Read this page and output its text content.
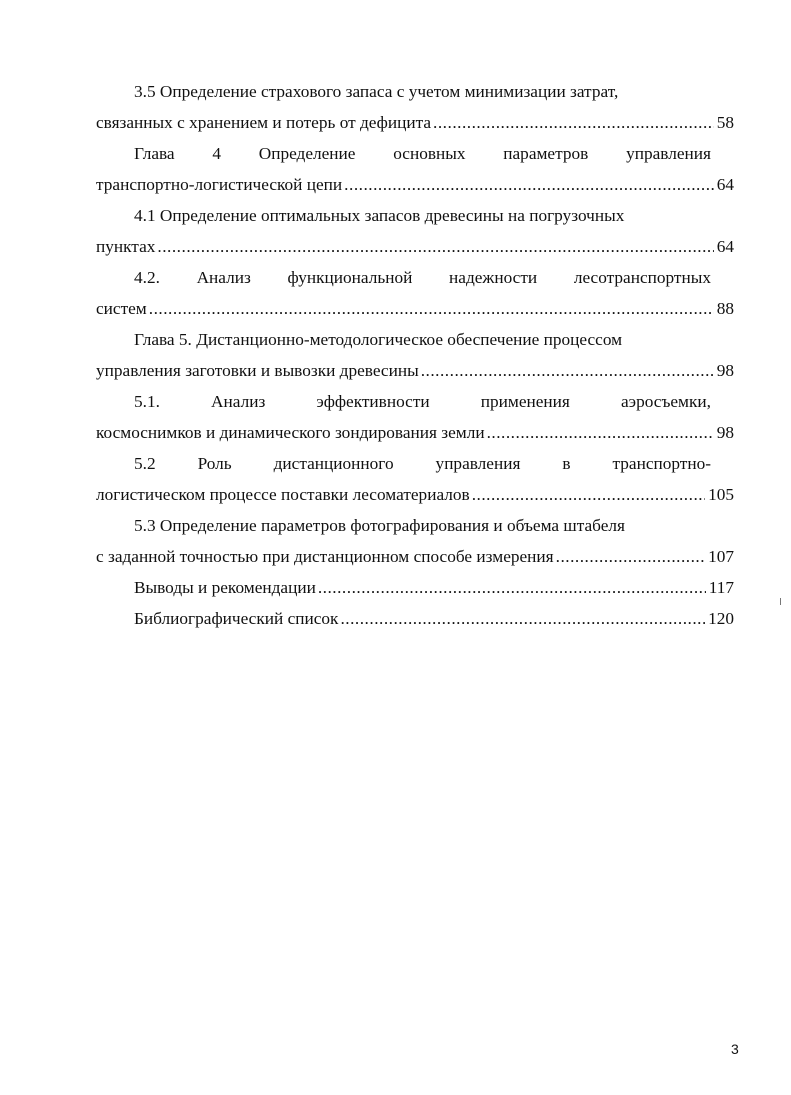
3.5 Определение страхового запаса с учетом минимизации затрат,
связанных с хранением и потерь от дефицита .....	58
Глава 4 Определение основных параметров управления
транспортно-логистической цепи .....	64
4.1 Определение оптимальных запасов древесины на погрузочных
пунктах .....	64
4.2. Анализ функциональной надежности лесотранспортных
систем .....	88
Глава 5. Дистанционно-методологическое обеспечение процессом
управления заготовки и вывозки древесины .....	98
5.1.	Анализ	эффективности	применения	аэросъемки,
космоснимков и динамического зондирования земли .....	98
5.2 Роль дистанционного управления в транспортно-
логистическом процессе поставки лесоматериалов .....	105
5.3 Определение параметров фотографирования и объема штабеля
с заданной точностью при дистанционном способе измерения .....	107
Выводы и рекомендации .....	117
Библиографический список .....	120
3
